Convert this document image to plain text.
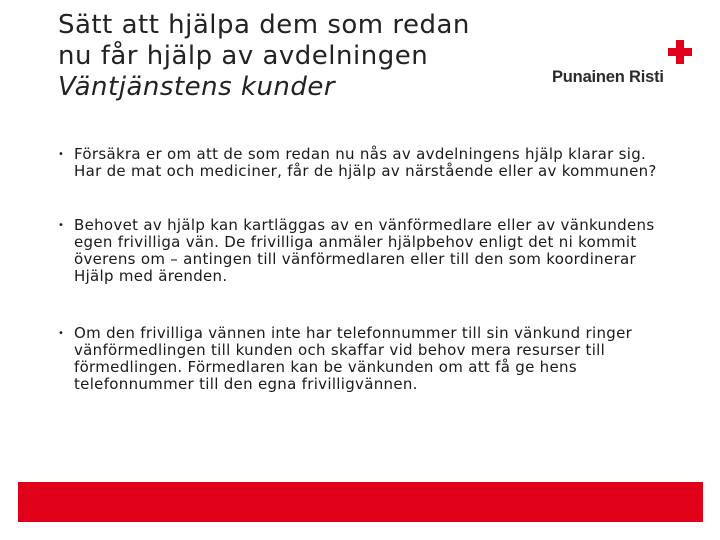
Sätt att hjälpa dem som redan
nu får hjälp av avdelningen
Väntjänstens kunder	Punainen Risti
• Försäkra er om att de som redan nu nås av avdelningens hjälp klarar sig. Har de mat och mediciner, får de hjälp av närstående eller av kommunen?
• Behovet av hjälp kan kartläggas av en vänförmedlare eller av vänkundens egen frivilliga vän. De frivilliga anmäler hjälpbehov enligt det ni kommit överens om – antingen till vänförmedlaren eller till den som koordinerar Hjälp med ärenden.
• Om den frivilliga vännen inte har telefonnummer till sin vänkund ringer vänförmedlingen till kunden och skaffar vid behov mera resurser till förmedlingen. Förmedlaren kan be vänkunden om att få ge hens telefonnummer till den egna frivilligvännen.
